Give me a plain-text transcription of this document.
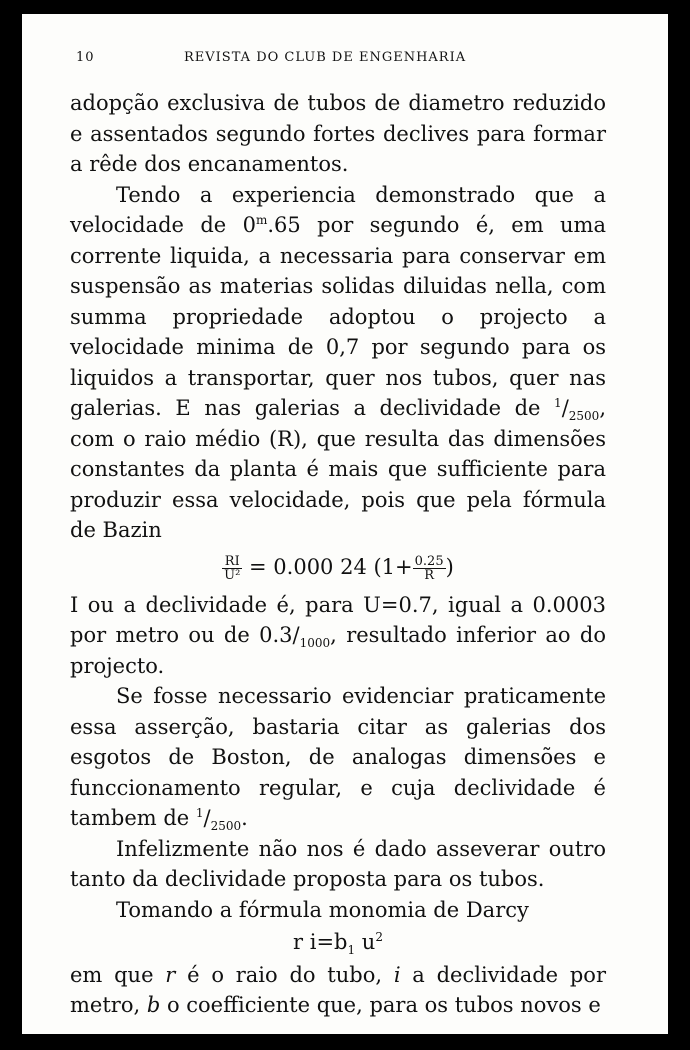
10	REVISTA DO CLUB DE ENGENHARIA

adopção exclusiva de tubos de diametro reduzido e assentados segundo fortes declives para formar a rêde dos encanamentos.

Tendo a experiencia demonstrado que a velocidade de 0$^m$.65 por segundo é, em uma corrente liquida, a necessaria para conservar em suspensão as materias solidas diluidas nella, com summa propriedade adoptou o projecto a velocidade minima de 0,7 por segundo para os liquidos a transportar, quer nos tubos, quer nas galerias. E nas galerias a declividade de $^1/_{2500}$, com o raio médio (R), que resulta das dimensões constantes da planta é mais que sufficiente para produzir essa velocidade, pois que pela fórmula de Bazin

$\frac{RI}{\text{U²}} = 0.000$ 24 ($1+ \frac{0.25}{R}$ )

I ou a declividade é, para U=0.7, igual a 0.0003 por metro ou de $0.3/_{1000}$, resultado inferior ao do projecto.

Se fosse necessario evidenciar praticamente essa asserção, bastaria citar as galerias dos esgotos de Boston, de analogas dimensões e funccionamento regular, e cuja declividade é tambem de $^1/_{2500}$.

Infelizmente não nos é dado asseverar outro tanto da declividade proposta para os tubos.

Tomando a fórmula monomia de Darcy

r $i=b_1$ $u^2$

em que r é o raio do tubo, i a declividade por metro, b o coefficiente que, para os tubos novos e
